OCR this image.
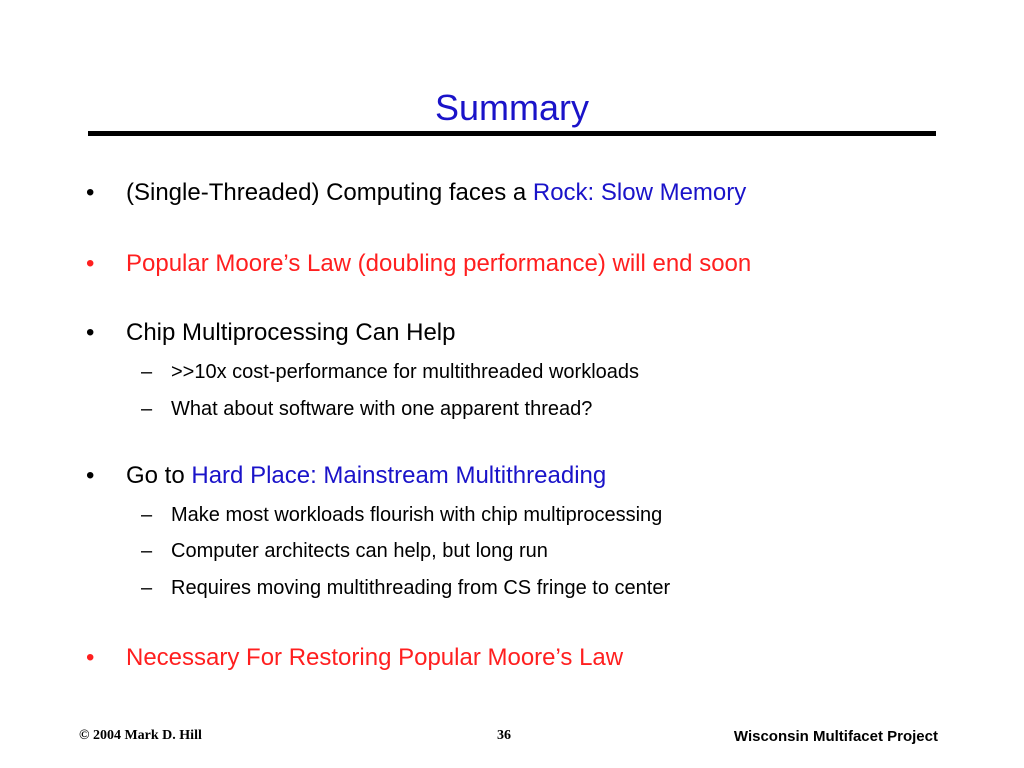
Summary
• (Single-Threaded) Computing faces a Rock: Slow Memory
• Popular Moore’s Law (doubling performance) will end soon
• Chip Multiprocessing Can Help
– >>10x cost-performance for multithreaded workloads
– What about software with one apparent thread?
• Go to Hard Place: Mainstream Multithreading
– Make most workloads flourish with chip multiprocessing
– Computer architects can help, but long run
– Requires moving multithreading from CS fringe to center
• Necessary For Restoring Popular Moore’s Law
© 2004 Mark D. Hill	36	Wisconsin Multifacet Project
